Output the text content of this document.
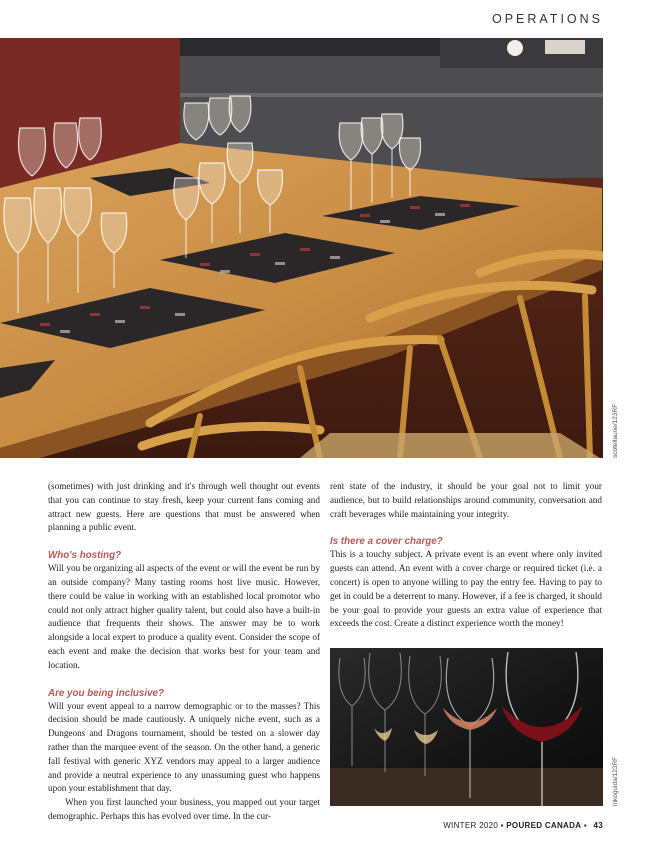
OPERATIONS
scotellaurie/123RF

(sometimes) with just drinking and it's through well thought out events that you can continue to stay fresh, keep your current fans coming and attract new guests. Here are questions that must be answered when planning a public event.

Who's hosting?

Will you be organizing all aspects of the event or will the event be run by an outside company? Many tasting rooms host live music. However, there could be value in working with an established local promotor who could not only attract higher quality talent, but could also have a built-in audience that frequents their shows. The answer may be to work alongside a local expert to produce a quality event. Consider the scope of each event and make the decision that works best for your team and location.

Are you being inclusive?

Will your event appeal to a narrow demographic or to the masses? This decision should be made cautiously. A uniquely niche event, such as a Dungeons and Dragons tournament, should be tested on a slower day rather than the marquee event of the season. On the other hand, a generic fall festival with generic XYZ vendors may appeal to a larger audience and provide a neutral experience to any unassuming guest who happens upon your establishment that day.

When you first launched your business, you mapped out your target demographic. Perhaps this has evolved over time. In the cur-

rent state of the industry, it should be your goal not to limit your audience, but to build relationships around community, conversation and craft beverages while maintaining your integrity.

Is there a cover charge?

This is a touchy subject. A private event is an event where only invited guests can attend. An event with a cover charge or required ticket (i.e. a concert) is open to anyone willing to pay the entry fee. Having to pay to get in could be a deterrent to many. However, if a fee is charged, it should be your goal to provide your guests an extra value of experience that exceeds the cost. Create a distinct experience worth the money!

inkoguida/123RF
WINTER 2020 ▪ POURED CANADA ▪ 43
